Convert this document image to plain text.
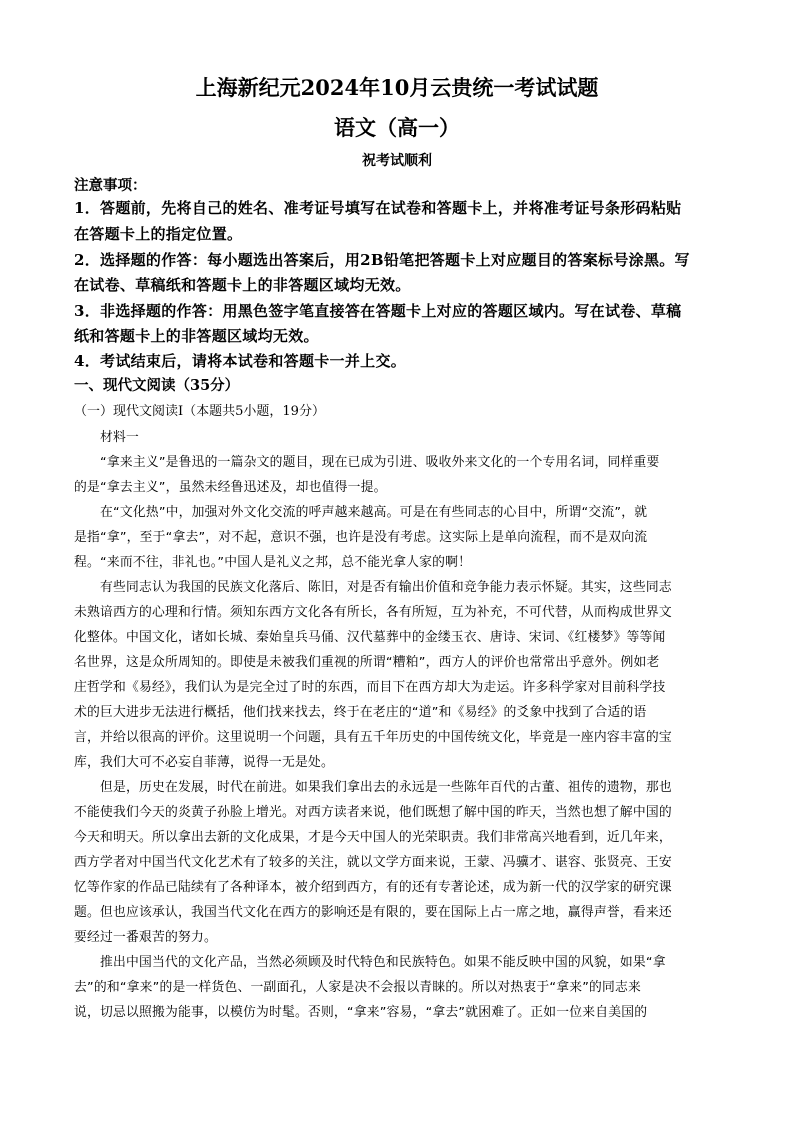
上海新纪元2024年10月云贵统一考试试题
语文（高一）
祝考试顺利
注意事项：
1．答题前，先将自己的姓名、准考证号填写在试卷和答题卡上，并将准考证号条形码粘贴
在答题卡上的指定位置。
2．选择题的作答：每小题选出答案后，用2B铅笔把答题卡上对应题目的答案标号涂黑。写
在试卷、草稿纸和答题卡上的非答题区域均无效。
3．非选择题的作答：用黑色签字笔直接答在答题卡上对应的答题区域内。写在试卷、草稿
纸和答题卡上的非答题区域均无效。
4．考试结束后，请将本试卷和答题卡一并上交。
一、现代文阅读（35分）
（一）现代文阅读Ⅰ（本题共5小题，19分）
材料一
“拿来主义”是鲁迅的一篇杂文的题目，现在已成为引进、吸收外来文化的一个专用名词，同样重要
的是“拿去主义”，虽然未经鲁迅述及，却也值得一提。
在“文化热”中，加强对外文化交流的呼声越来越高。可是在有些同志的心目中，所谓“交流”，就
是指“拿”，至于“拿去”，对不起，意识不强，也许是没有考虑。这实际上是单向流程，而不是双向流
程。“来而不往，非礼也。”中国人是礼义之邦，总不能光拿人家的啊！
有些同志认为我国的民族文化落后、陈旧，对是否有输出价值和竞争能力表示怀疑。其实，这些同志
未熟谙西方的心理和行情。须知东西方文化各有所长，各有所短，互为补充，不可代替，从而构成世界文
化整体。中国文化，诸如长城、秦始皇兵马俑、汉代墓葬中的金缕玉衣、唐诗、宋词、《红楼梦》等等闻
名世界，这是众所周知的。即使是未被我们重视的所谓“糟粕”，西方人的评价也常常出乎意外。例如老
庄哲学和《易经》，我们认为是完全过了时的东西，而目下在西方却大为走运。许多科学家对目前科学技
术的巨大进步无法进行概括，他们找来找去，终于在老庄的“道”和《易经》的爻象中找到了合适的语
言，并给以很高的评价。这里说明一个问题，具有五千年历史的中国传统文化，毕竟是一座内容丰富的宝
库，我们大可不必妄自菲薄，说得一无是处。
但是，历史在发展，时代在前进。如果我们拿出去的永远是一些陈年百代的古董、祖传的遗物，那也
不能使我们今天的炎黄子孙脸上增光。对西方读者来说，他们既想了解中国的昨天，当然也想了解中国的
今天和明天。所以拿出去新的文化成果，才是今天中国人的光荣职责。我们非常高兴地看到，近几年来，
西方学者对中国当代文化艺术有了较多的关注，就以文学方面来说，王蒙、冯骥才、谌容、张贤亮、王安
忆等作家的作品已陆续有了各种译本，被介绍到西方，有的还有专著论述，成为新一代的汉学家的研究课
题。但也应该承认，我国当代文化在西方的影响还是有限的，要在国际上占一席之地，赢得声誉，看来还
要经过一番艰苦的努力。
推出中国当代的文化产品，当然必须顾及时代特色和民族特色。如果不能反映中国的风貌，如果“拿
去”的和“拿来”的是一样货色、一副面孔，人家是决不会报以青睐的。所以对热衷于“拿来”的同志来
说，切忌以照搬为能事，以模仿为时髦。否则，“拿来”容易，“拿去”就困难了。正如一位来自美国的
